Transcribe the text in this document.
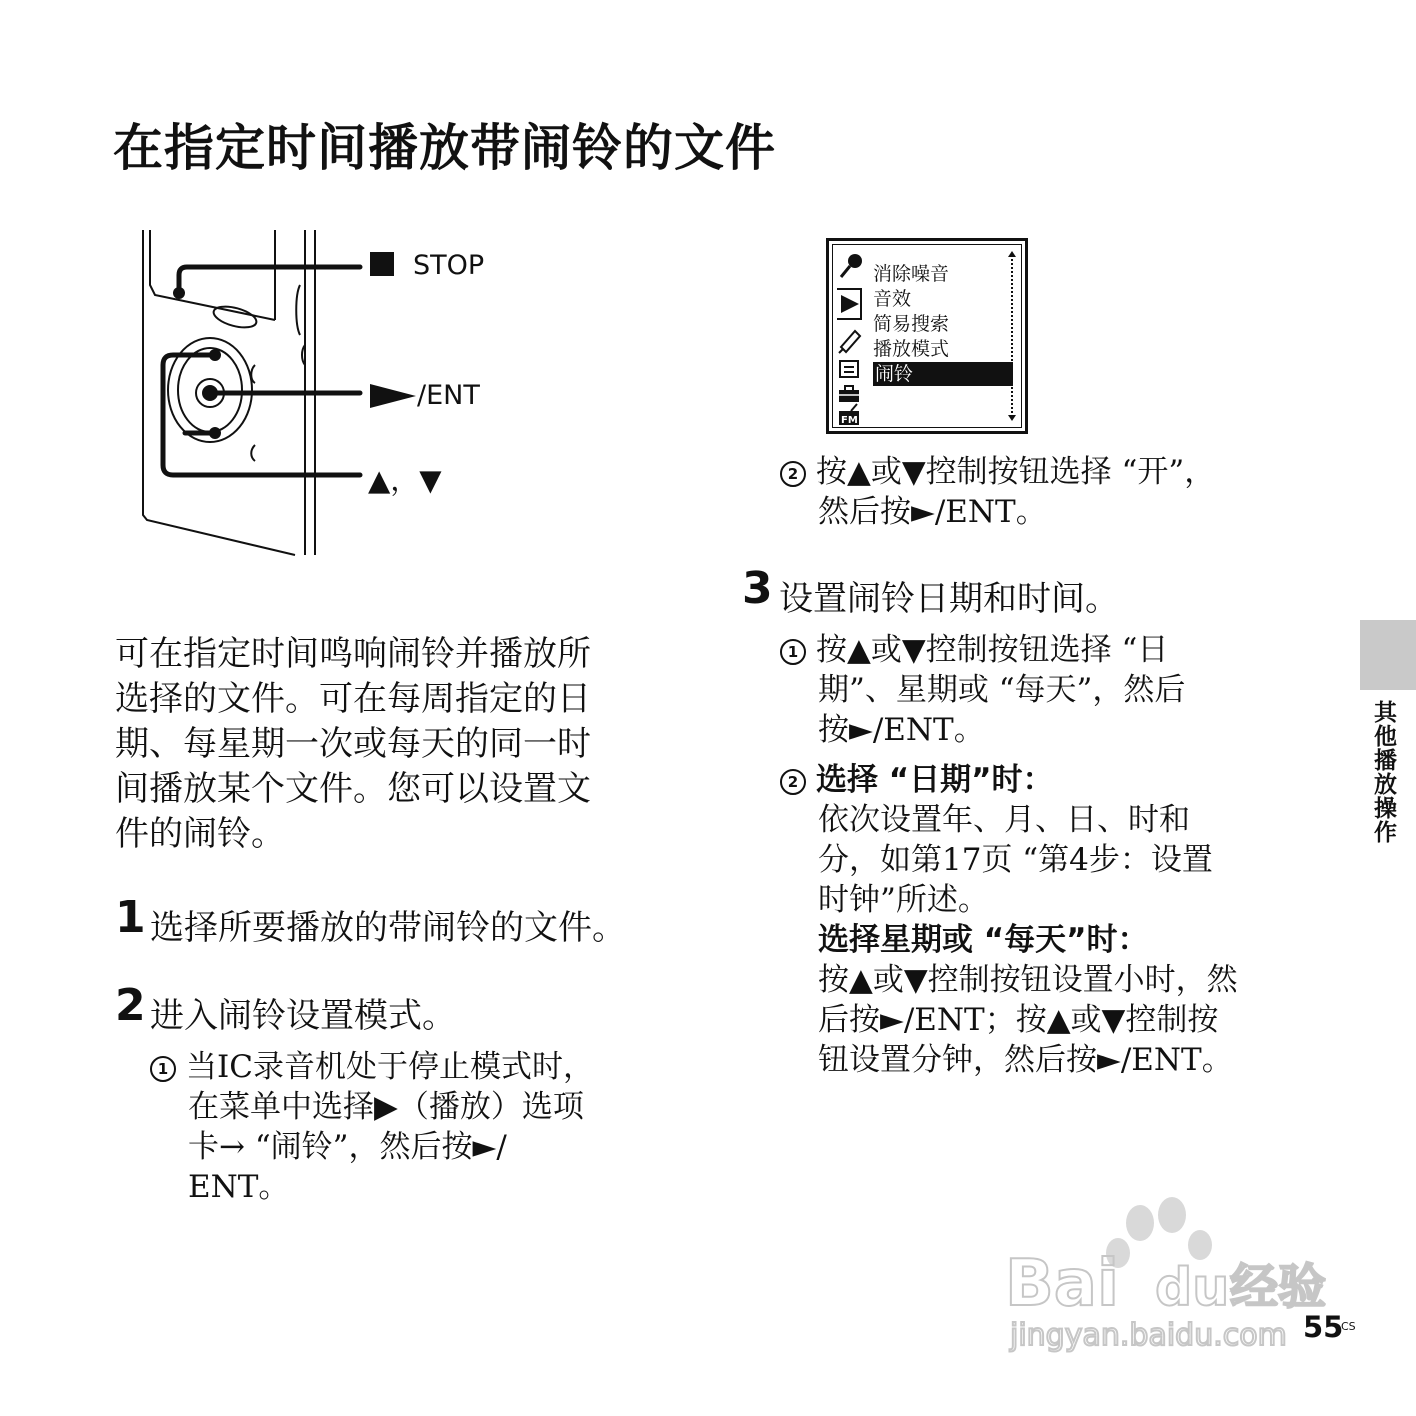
在指定时间播放带闹铃的文件
STOP
/ENT
▲，▼
可在指定时间鸣响闹铃并播放所
选择的文件。可在每周指定的日
期、每星期一次或每天的同一时
间播放某个文件。您可以设置文
件的闹铃。
1 选择所要播放的带闹铃的文件。
2 进入闹铃设置模式。
1 当IC录音机处于停止模式时，
在菜单中选择▶（播放）选项
卡→ “闹铃”，然后按►/
ENT。
FM
消除噪音
音效
简易搜索
播放模式
闹铃
2 按▲或▼控制按钮选择 “开”，
然后按►/ENT。
3 设置闹铃日期和时间。
1 按▲或▼控制按钮选择 “日
期”、星期或 “每天”，然后
按►/ENT。
2 选择 “日期”时：
依次设置年、月、日、时和
分，如第17页 “第4步：设置
时钟”所述。
选择星期或 “每天”时：
按▲或▼控制按钮设置小时，然
后按►/ENT；按▲或▼控制按
钮设置分钟，然后按►/ENT。
其他播放操作
Bai du 经验
jingyan.baidu.com 55
CS
